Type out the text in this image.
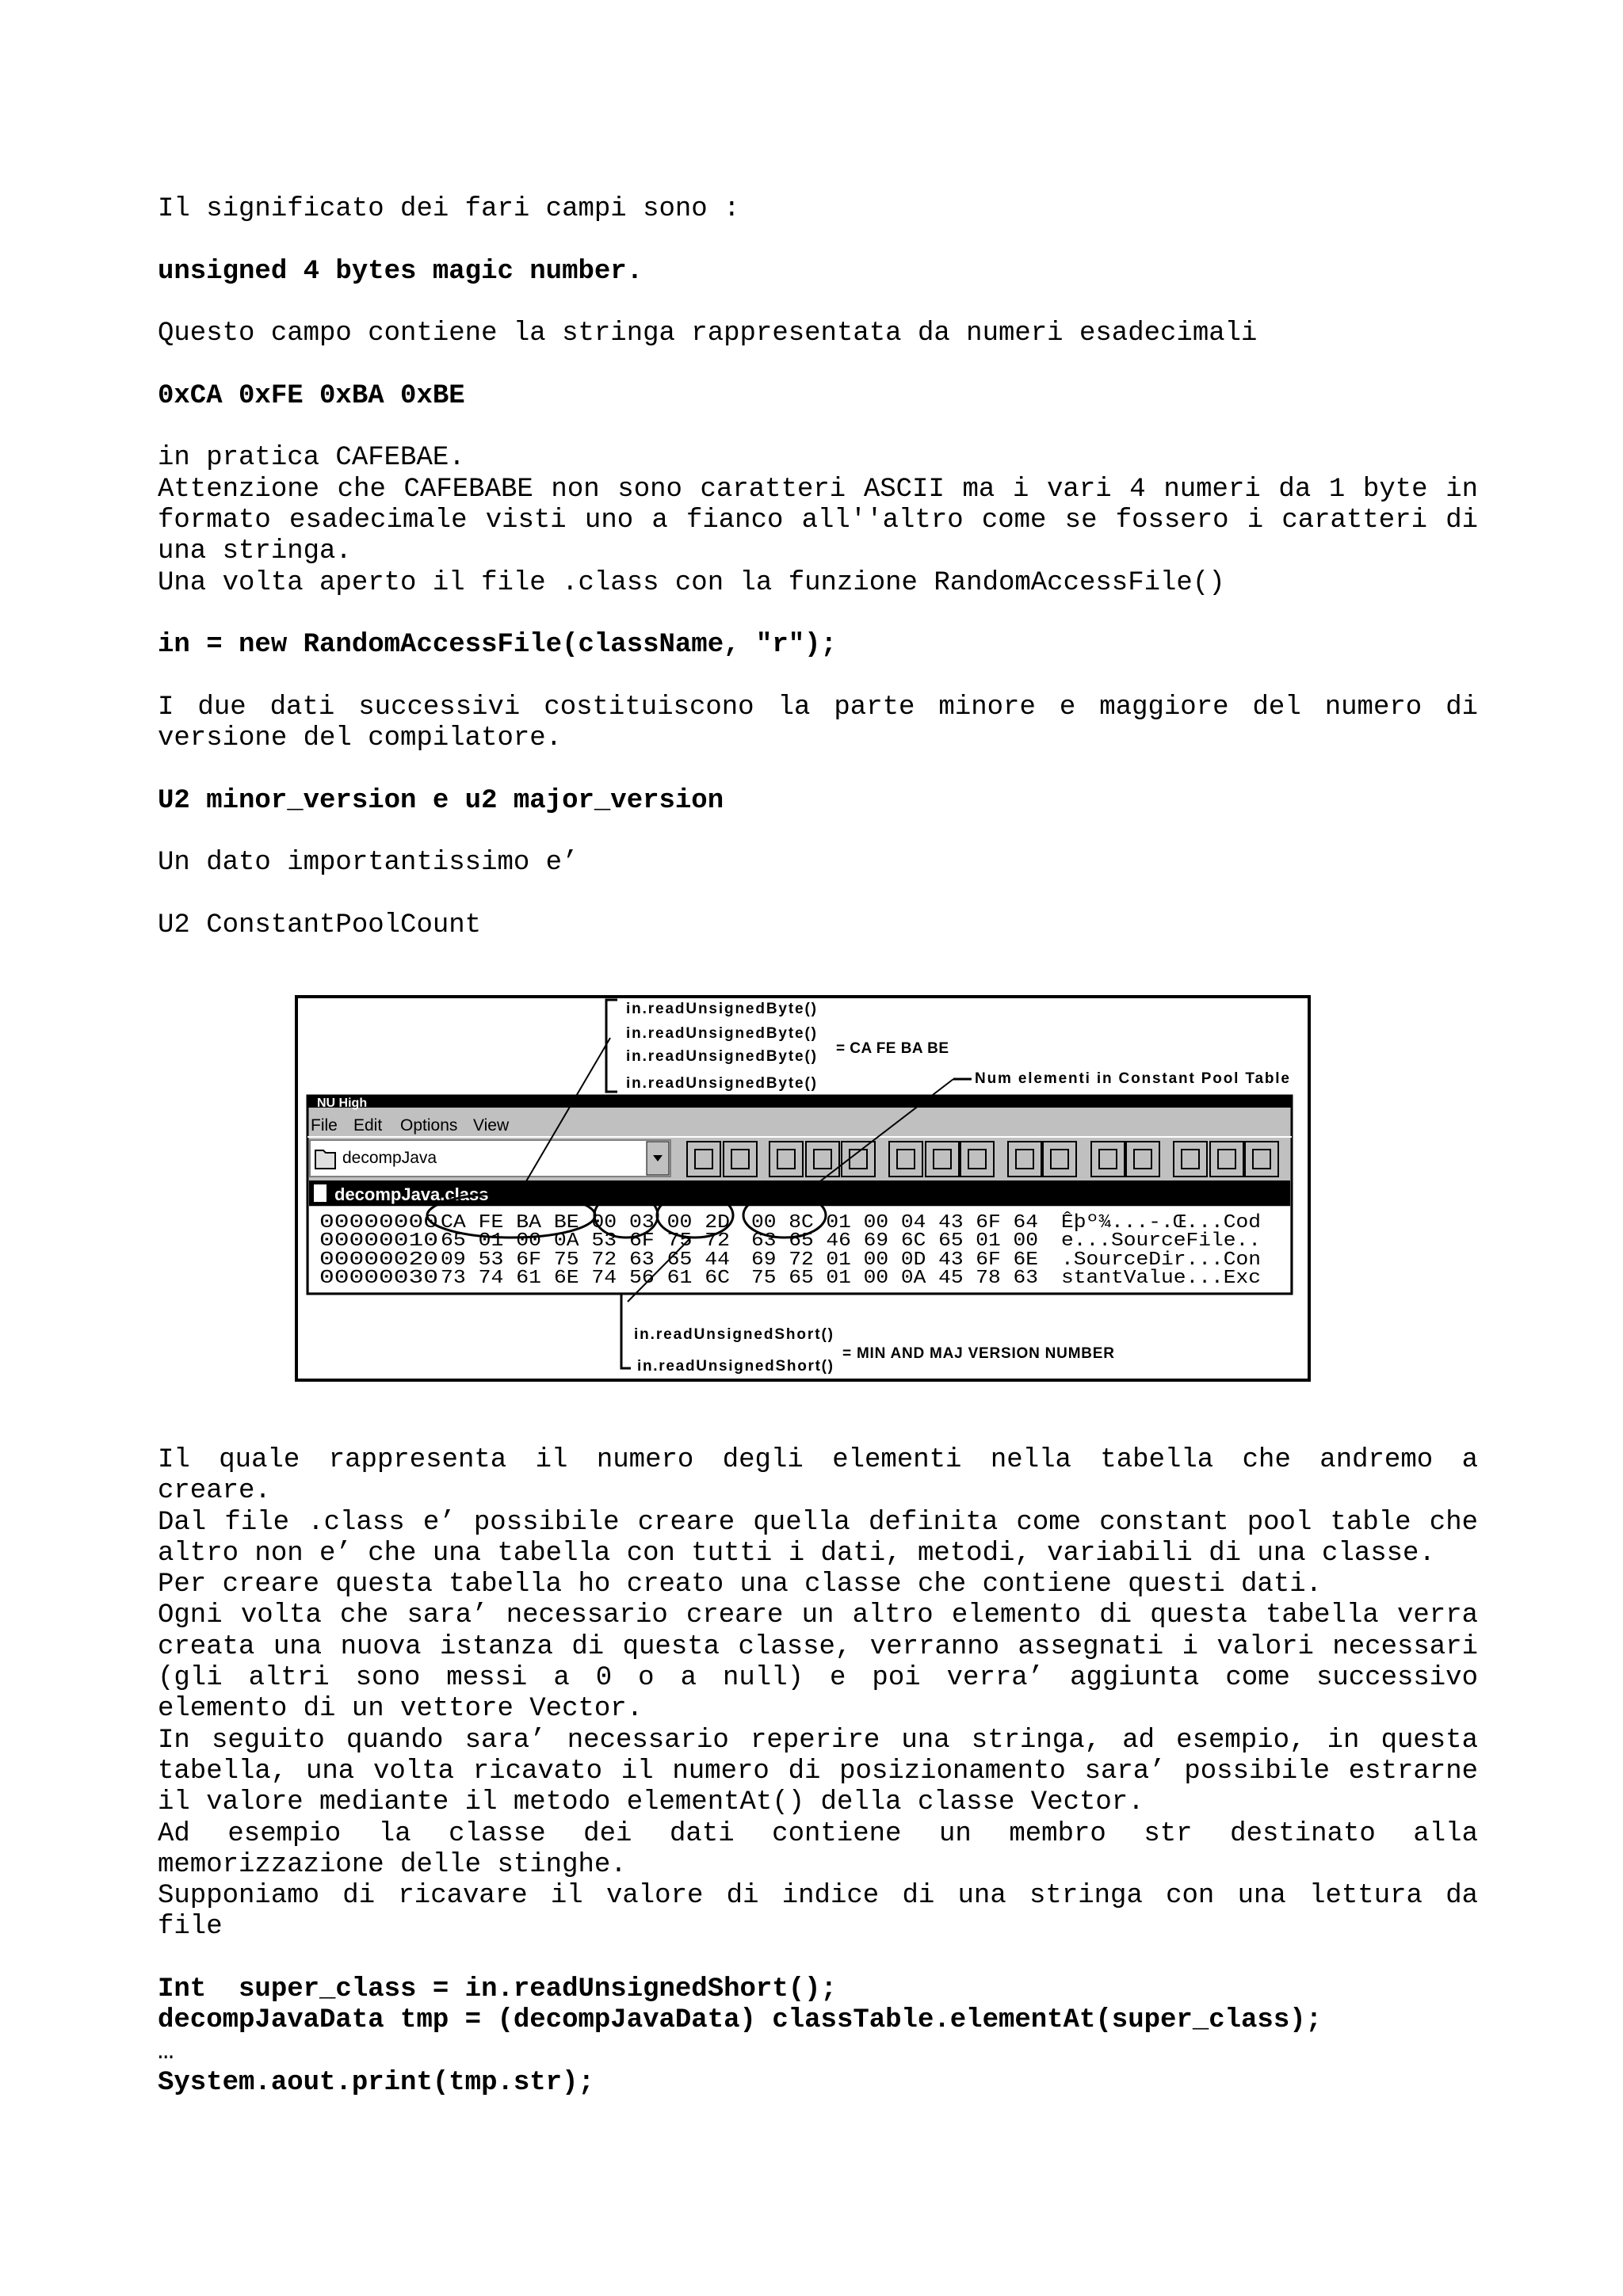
Il significato dei fari campi sono :
unsigned 4 bytes magic number.
Questo campo contiene la stringa rappresentata da numeri esadecimali
0xCA 0xFE 0xBA 0xBE
in pratica CAFEBAE.
Attenzione che CAFEBABE non sono caratteri ASCII ma i vari 4 numeri da 1 byte in
formato esadecimale visti uno a fianco all''altro come se fossero i caratteri di
una stringa.
Una volta aperto il file .class con la funzione RandomAccessFile()
in = new RandomAccessFile(className, "r");
I due dati successivi costituiscono la parte minore e maggiore del numero di
versione del compilatore.
U2 minor_version e u2 major_version
Un dato importantissimo e’
U2 ConstantPoolCount
in.readUnsignedByte()
in.readUnsignedByte()
in.readUnsignedByte()
in.readUnsignedByte()
= CA FE BA BE
Num elementi in Constant Pool Table
NU High
File Edit Options View
decompJava
decompJava.class
00000000 CA FE BA BE 00 03 00 2D 00 8C 01 00 04 43 6F 64 Êþº¾...-.Œ...Cod
00000010 65 01 00 0A 53 6F 75 72 63 65 46 69 6C 65 01 00 e...SourceFile..
00000020 09 53 6F 75 72 63 65 44 69 72 01 00 0D 43 6F 6E .SourceDir...Con
00000030 73 74 61 6E 74 56 61 6C 75 65 01 00 0A 45 78 63 stantValue...Exc
in.readUnsignedShort()
in.readUnsignedShort()
= MIN AND MAJ VERSION NUMBER
Il quale rappresenta il numero degli elementi nella tabella che andremo a
creare.
Dal file .class e’ possibile creare quella definita come constant pool table che
altro non e’ che una tabella con tutti i dati, metodi, variabili di una classe.
Per creare questa tabella ho creato una classe che contiene questi dati.
Ogni volta che sara’ necessario creare un altro elemento di questa tabella verra
creata una nuova istanza di questa classe, verranno assegnati i valori necessari
(gli altri sono messi a 0 o a null) e poi verra’ aggiunta come successivo
elemento di un vettore Vector.
In seguito quando sara’ necessario reperire una stringa, ad esempio, in questa
tabella, una volta ricavato il numero di posizionamento sara’ possibile estrarne
il valore mediante il metodo elementAt() della classe Vector.
Ad esempio la classe dei dati contiene un membro str destinato alla
memorizzazione delle stinghe.
Supponiamo di ricavare il valore di indice di una stringa con una lettura da
file
Int  super_class = in.readUnsignedShort();
decompJavaData tmp = (decompJavaData) classTable.elementAt(super_class);
…
System.aout.print(tmp.str);
